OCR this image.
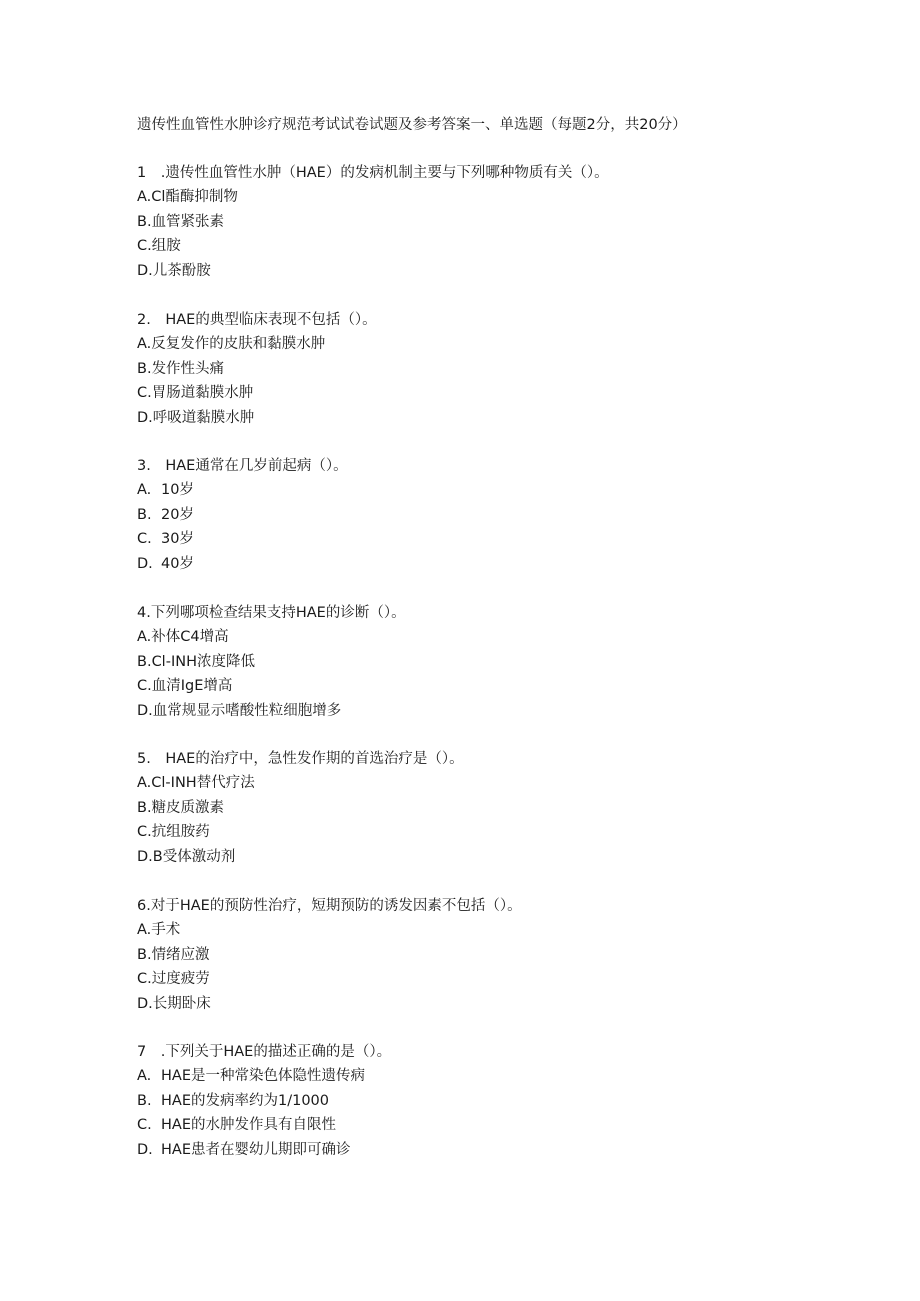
遗传性血管性水肿诊疗规范考试试卷试题及参考答案一、单选题（每题2分，共20分）
1　.遗传性血管性水肿（HAE）的发病机制主要与下列哪种物质有关（）。
A.Cl酯酶抑制物
B.血管紧张素
C.组胺
D.儿茶酚胺
2.　HAE的典型临床表现不包括（）。
A.反复发作的皮肤和黏膜水肿
B.发作性头痛
C.胃肠道黏膜水肿
D.呼吸道黏膜水肿
3.　HAE通常在几岁前起病（）。
A. 10岁
B. 20岁
C. 30岁
D. 40岁
4.下列哪项检查结果支持HAE的诊断（）。
A.补体C4增高
B.Cl-INH浓度降低
C.血清IgE增高
D.血常规显示嗜酸性粒细胞增多
5.　HAE的治疗中，急性发作期的首选治疗是（）。
A.Cl-INH替代疗法
B.糖皮质激素
C.抗组胺药
D.B受体激动剂
6.对于HAE的预防性治疗，短期预防的诱发因素不包括（）。
A.手术
B.情绪应激
C.过度疲劳
D.长期卧床
7　.下列关于HAE的描述正确的是（）。
A. HAE是一种常染色体隐性遗传病
B. HAE的发病率约为1/1000
C. HAE的水肿发作具有自限性
D. HAE患者在婴幼儿期即可确诊
